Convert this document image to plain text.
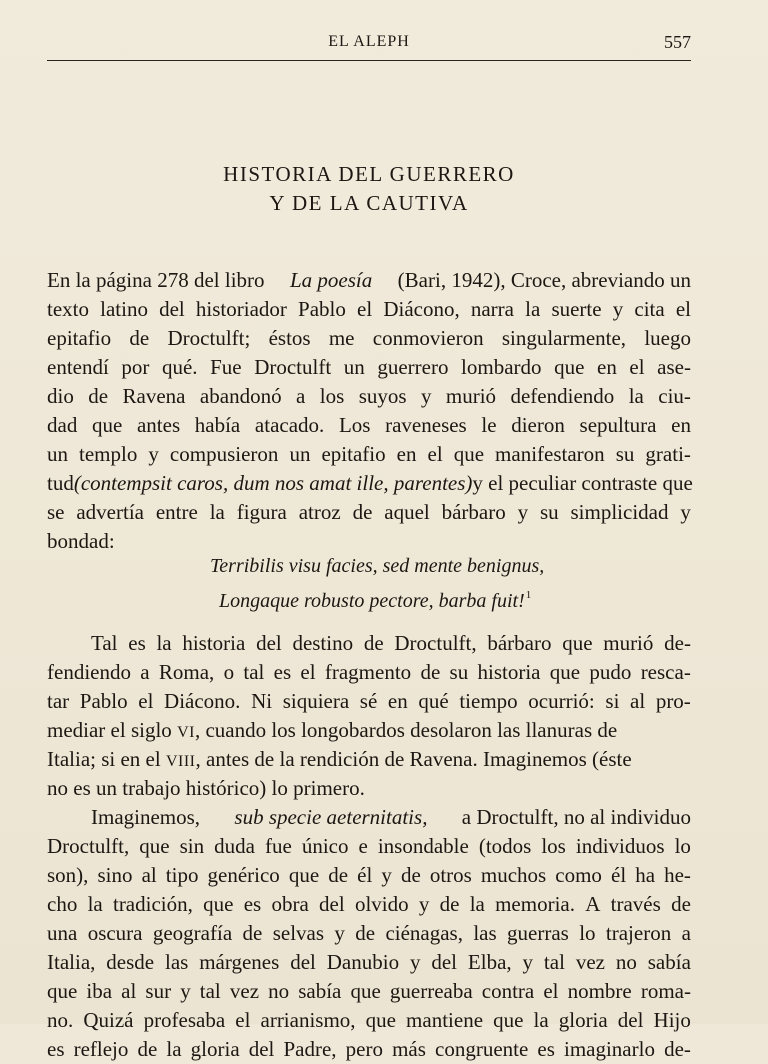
EL ALEPH	557
HISTORIA DEL GUERRERO
Y DE LA CAUTIVA
En la página 278 del libro La poesía (Bari, 1942), Croce, abreviando un
texto latino del historiador Pablo el Diácono, narra la suerte y cita el
epitafio de Droctulft; éstos me conmovieron singularmente, luego
entendí por qué. Fue Droctulft un guerrero lombardo que en el ase-
dio de Ravena abandonó a los suyos y murió defendiendo la ciu-
dad que antes había atacado. Los raveneses le dieron sepultura en
un templo y compusieron un epitafio en el que manifestaron su grati-
tud (contempsit caros, dum nos amat ille, parentes) y el peculiar contraste que
se advertía entre la figura atroz de aquel bárbaro y su simplicidad y
bondad:
Terribilis visu facies, sed mente benignus,
Longaque robusto pectore, barba fuit!$^1$
Tal es la historia del destino de Droctulft, bárbaro que murió de-
fendiendo a Roma, o tal es el fragmento de su historia que pudo resca-
tar Pablo el Diácono. Ni siquiera sé en qué tiempo ocurrió: si al pro-
mediar el siglo VI, cuando los longobardos desolaron las llanuras de
Italia; si en el VIII, antes de la rendición de Ravena. Imaginemos (éste
no es un trabajo histórico) lo primero.
Imaginemos, sub specie aeternitatis, a Droctulft, no al individuo
Droctulft, que sin duda fue único e insondable (todos los individuos lo
son), sino al tipo genérico que de él y de otros muchos como él ha he-
cho la tradición, que es obra del olvido y de la memoria. A través de
una oscura geografía de selvas y de ciénagas, las guerras lo trajeron a
Italia, desde las márgenes del Danubio y del Elba, y tal vez no sabía
que iba al sur y tal vez no sabía que guerreaba contra el nombre roma-
no. Quizá profesaba el arrianismo, que mantiene que la gloria del Hijo
es reflejo de la gloria del Padre, pero más congruente es imaginarlo de-
